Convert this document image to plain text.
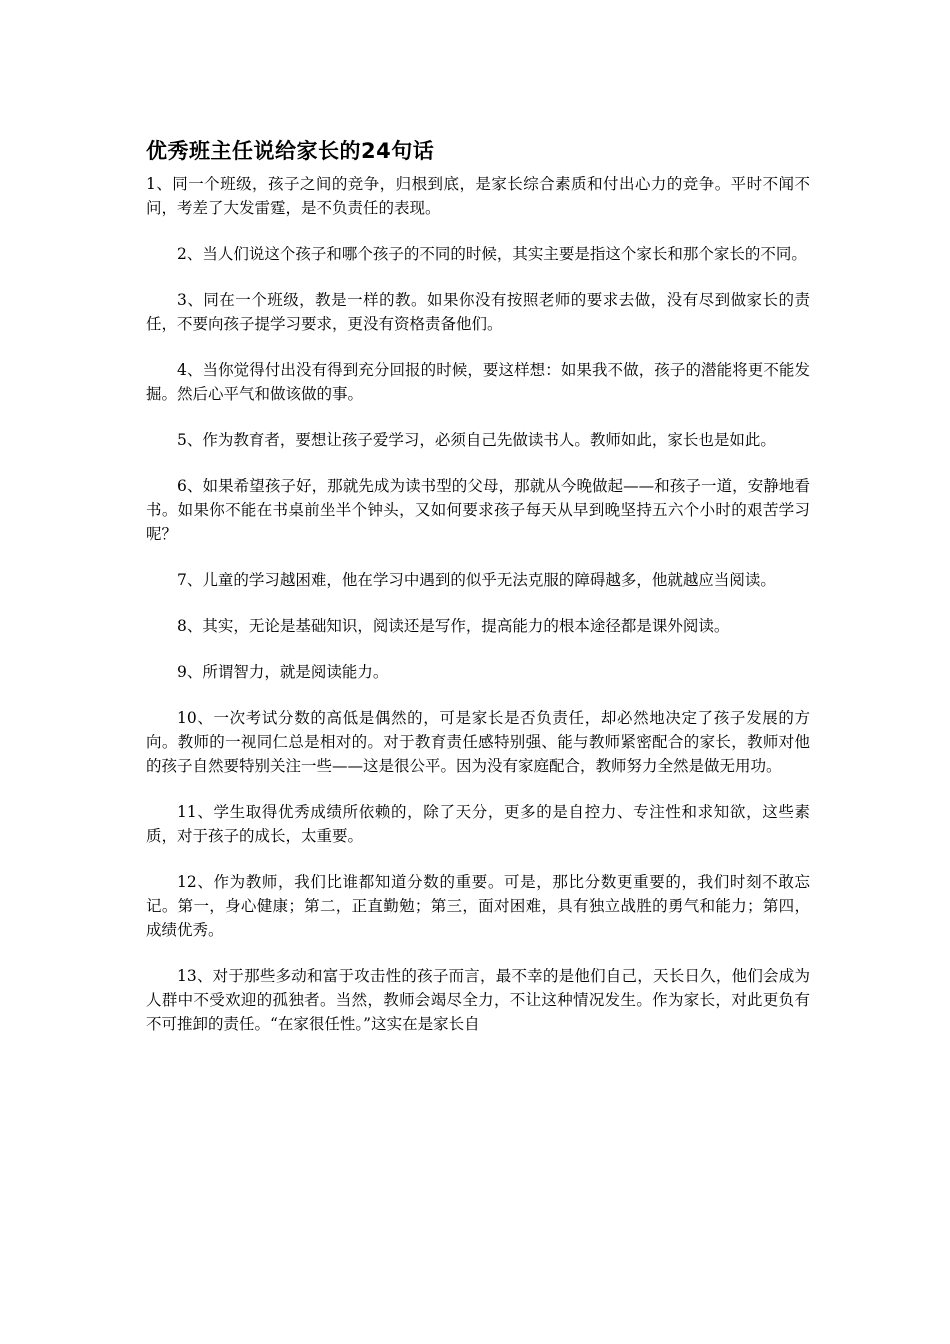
优秀班主任说给家长的24句话

1、同一个班级，孩子之间的竞争，归根到底，是家长综合素质和付出心力的竞争。平时不闻不问，考差了大发雷霆，是不负责任的表现。

2、当人们说这个孩子和哪个孩子的不同的时候，其实主要是指这个家长和那个家长的不同。

3、同在一个班级，教是一样的教。如果你没有按照老师的要求去做，没有尽到做家长的责任，不要向孩子提学习要求，更没有资格责备他们。

4、当你觉得付出没有得到充分回报的时候，要这样想：如果我不做，孩子的潜能将更不能发掘。然后心平气和做该做的事。

5、作为教育者，要想让孩子爱学习，必须自己先做读书人。教师如此，家长也是如此。

6、如果希望孩子好，那就先成为读书型的父母，那就从今晚做起——和孩子一道，安静地看书。如果你不能在书桌前坐半个钟头，又如何要求孩子每天从早到晚坚持五六个小时的艰苦学习呢？

7、儿童的学习越困难，他在学习中遇到的似乎无法克服的障碍越多，他就越应当阅读。

8、其实，无论是基础知识，阅读还是写作，提高能力的根本途径都是课外阅读。

9、所谓智力，就是阅读能力。

10、一次考试分数的高低是偶然的，可是家长是否负责任，却必然地决定了孩子发展的方向。教师的一视同仁总是相对的。对于教育责任感特别强、能与教师紧密配合的家长，教师对他的孩子自然要特别关注一些——这是很公平。因为没有家庭配合，教师努力全然是做无用功。

11、学生取得优秀成绩所依赖的，除了天分，更多的是自控力、专注性和求知欲，这些素质，对于孩子的成长，太重要。

12、作为教师，我们比谁都知道分数的重要。可是，那比分数更重要的，我们时刻不敢忘记。第一，身心健康；第二，正直勤勉；第三，面对困难，具有独立战胜的勇气和能力；第四，成绩优秀。

13、对于那些多动和富于攻击性的孩子而言，最不幸的是他们自己，天长日久，他们会成为人群中不受欢迎的孤独者。当然，教师会竭尽全力，不让这种情况发生。作为家长，对此更负有不可推卸的责任。“在家很任性。”这实在是家长自
